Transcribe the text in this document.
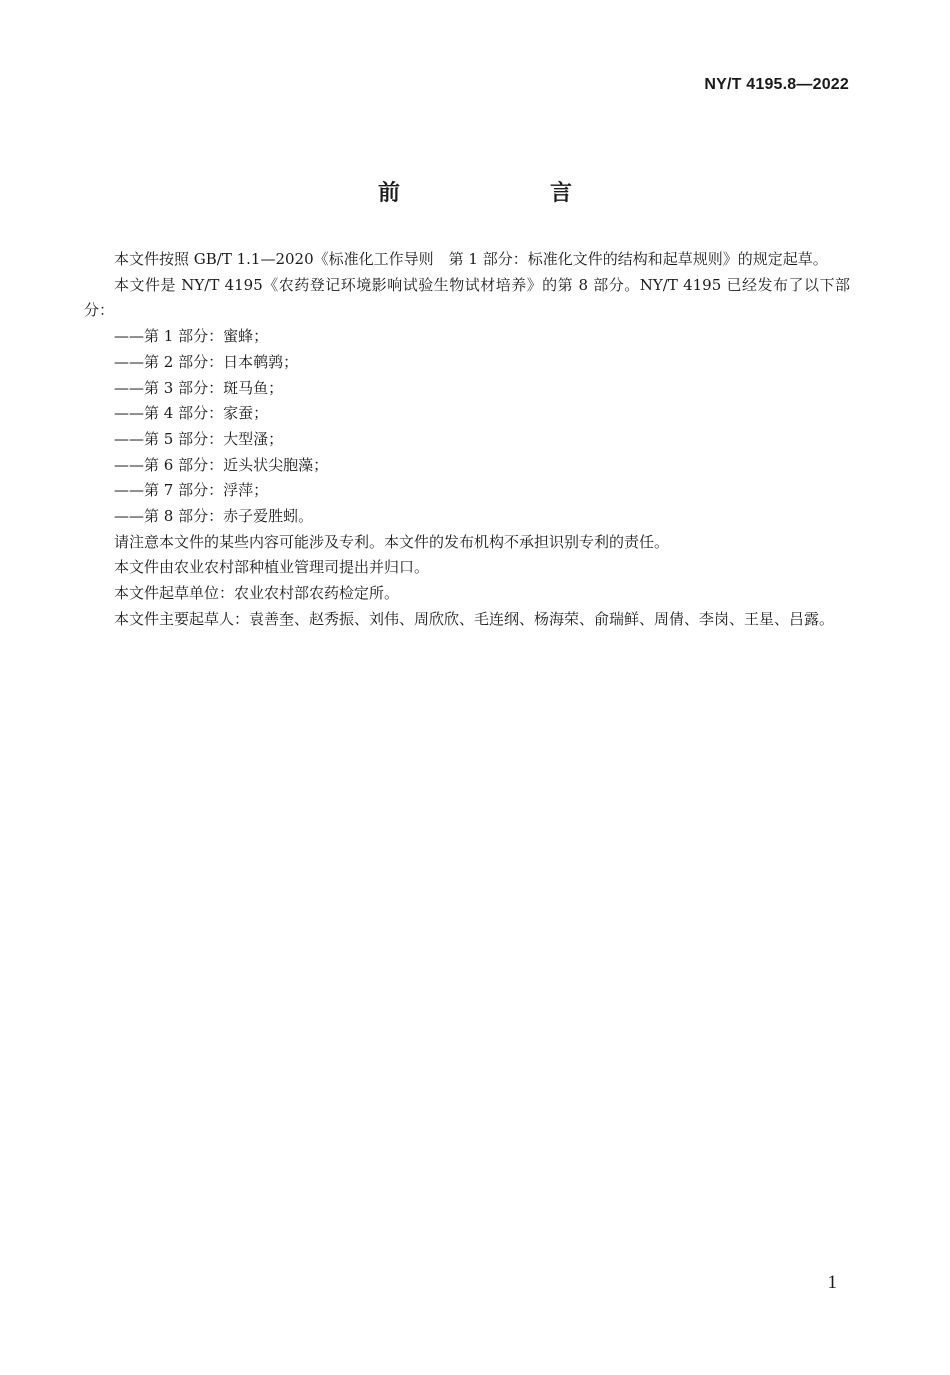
NY/T 4195.8—2022
前　言

本文件按照 GB/T 1.1—2020《标准化工作导则　第 1 部分：标准化文件的结构和起草规则》的规定起草。

本文件是 NY/T 4195《农药登记环境影响试验生物试材培养》的第 8 部分。NY/T 4195 已经发布了以下部分：

——第 1 部分：蜜蜂；

——第 2 部分：日本鹌鹑；

——第 3 部分：斑马鱼；

——第 4 部分：家蚕；

——第 5 部分：大型溞；

——第 6 部分：近头状尖胞藻；

——第 7 部分：浮萍；

——第 8 部分：赤子爱胜蚓。

请注意本文件的某些内容可能涉及专利。本文件的发布机构不承担识别专利的责任。

本文件由农业农村部种植业管理司提出并归口。

本文件起草单位：农业农村部农药检定所。

本文件主要起草人：袁善奎、赵秀振、刘伟、周欣欣、毛连纲、杨海荣、俞瑞鲜、周倩、李岗、王星、吕露。

1
